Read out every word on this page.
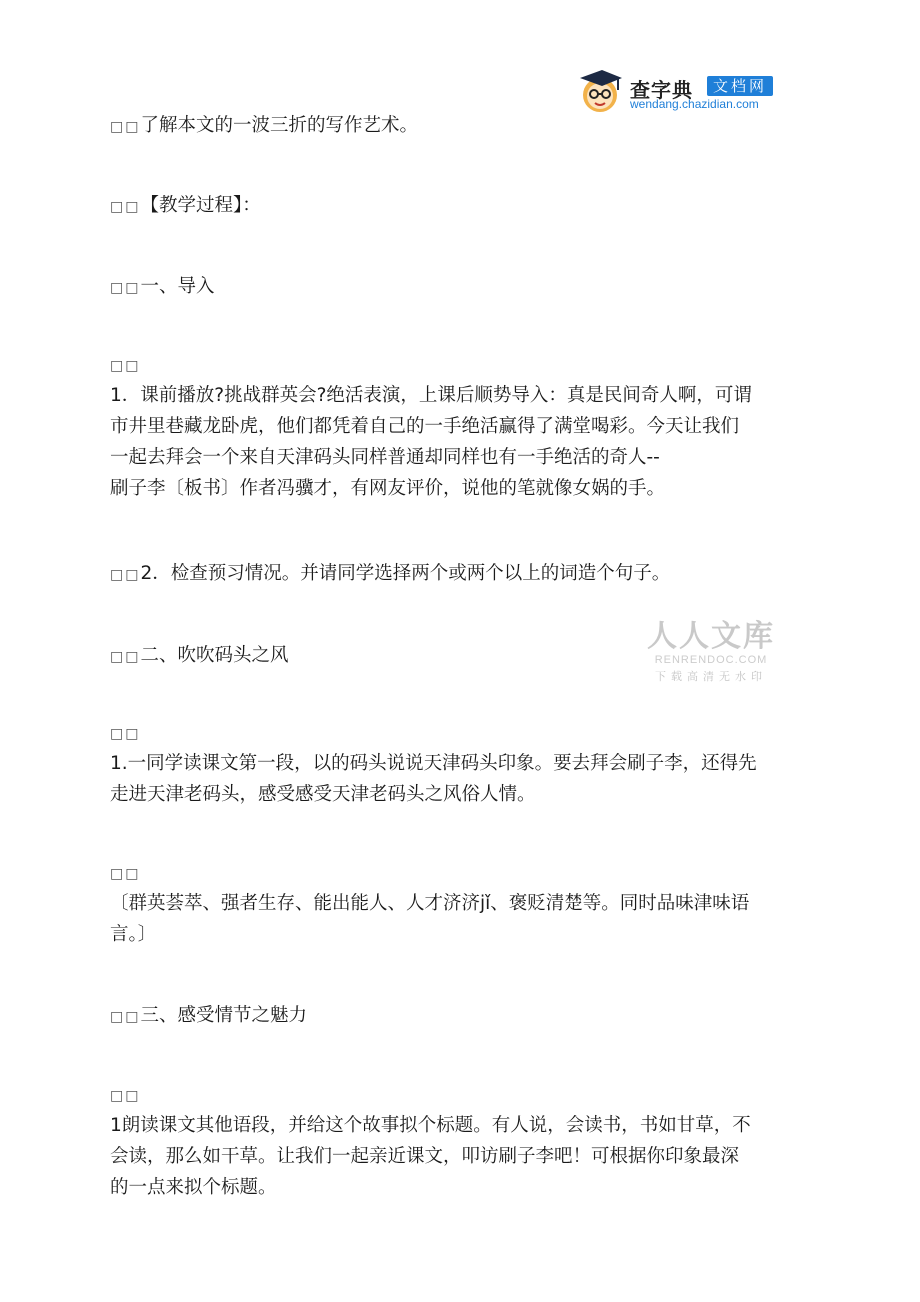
查字典	文档网
wendang.chazidian.com
□□了解本文的一波三折的写作艺术。
□□【教学过程】：
□□一、导入
□□
1．课前播放?挑战群英会?绝活表演，上课后顺势导入：真是民间奇人啊，可谓
市井里巷藏龙卧虎，他们都凭着自己的一手绝活赢得了满堂喝彩。今天让我们
一起去拜会一个来自天津码头同样普通却同样也有一手绝活的奇人--
刷子李〔板书〕作者冯骥才，有网友评价，说他的笔就像女娲的手。
□□2．检查预习情况。并请同学选择两个或两个以上的词造个句子。
□□二、吹吹码头之风
人人文库
RENRENDOC.COM
下载高清无水印
□□
1.一同学读课文第一段，以的码头说说天津码头印象。要去拜会刷子李，还得先
走进天津老码头，感受感受天津老码头之风俗人情。
□□
〔群英荟萃、强者生存、能出能人、人才济济jǐ、褒贬清楚等。同时品味津味语
言。〕
□□三、感受情节之魅力
□□
1朗读课文其他语段，并给这个故事拟个标题。有人说，会读书，书如甘草，不
会读，那么如干草。让我们一起亲近课文，叩访刷子李吧！可根据你印象最深
的一点来拟个标题。
